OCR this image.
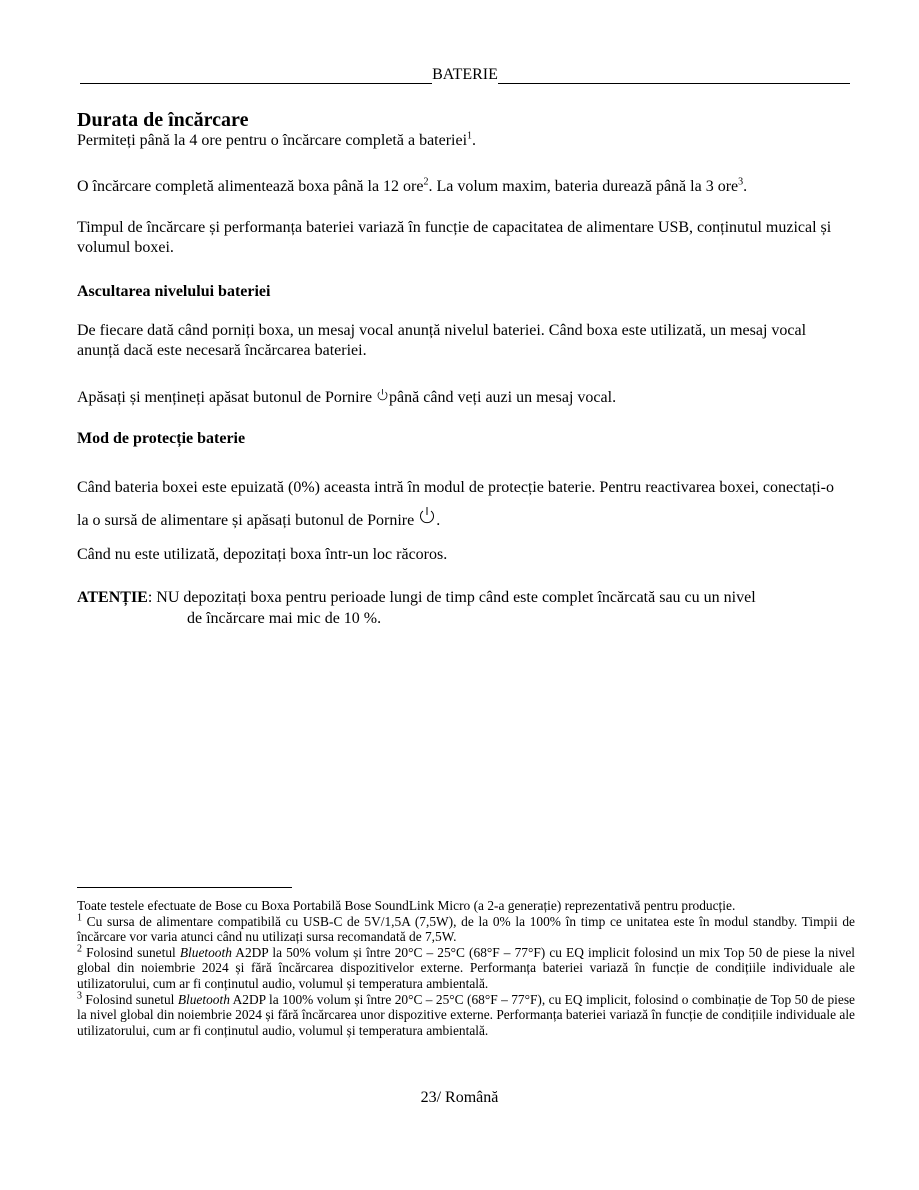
BATERIE
Durata de încărcare
Permiteți până la 4 ore pentru o încărcare completă a bateriei$^1$.
O încărcare completă alimentează boxa până la 12 ore$^2$. La volum maxim, bateria durează până la 3 ore$^3$.
Timpul de încărcare și performanța bateriei variază în funcție de capacitatea de alimentare USB, conținutul muzical și volumul boxei.
Ascultarea nivelului bateriei
De fiecare dată când porniți boxa, un mesaj vocal anunță nivelul bateriei. Când boxa este utilizată, un mesaj vocal anunță dacă este necesară încărcarea bateriei.
Apăsați și mențineți apăsat butonul de Pornire până când veți auzi un mesaj vocal.
Mod de protecție baterie
Când bateria boxei este epuizată (0%) aceasta intră în modul de protecție baterie. Pentru reactivarea boxei, conectați-o la o sursă de alimentare și apăsați butonul de Pornire .
Când nu este utilizată, depozitați boxa într-un loc răcoros.
ATENȚIE: NU depozitați boxa pentru perioade lungi de timp când este complet încărcată sau cu un nivel
de încărcare mai mic de 10 %.

Toate testele efectuate de Bose cu Boxa Portabilă Bose SoundLink Micro (a 2-a generație) reprezentativă pentru producție.

$^1$ Cu sursa de alimentare compatibilă cu USB-C de 5V/1,5A (7,5W), de la 0% la 100% în timp ce unitatea este în modul standby. Timpii de încărcare vor varia atunci când nu utilizați sursa recomandată de 7,5W.

$^2$ Folosind sunetul Bluetooth A2DP la 50% volum și între 20°C – 25°C (68°F – 77°F) cu EQ implicit folosind un mix Top 50 de piese la nivel global din noiembrie 2024 și fără încărcarea dispozitivelor externe. Performanța bateriei variază în funcție de condițiile individuale ale utilizatorului, cum ar fi conținutul audio, volumul și temperatura ambientală.

$^3$ Folosind sunetul Bluetooth A2DP la 100% volum și între 20°C – 25°C (68°F – 77°F), cu EQ implicit, folosind o combinație de Top 50 de piese la nivel global din noiembrie 2024 și fără încărcarea unor dispozitive externe. Performanța bateriei variază în funcție de condițiile individuale ale utilizatorului, cum ar fi conținutul audio, volumul și temperatura ambientală.

23/ Română
